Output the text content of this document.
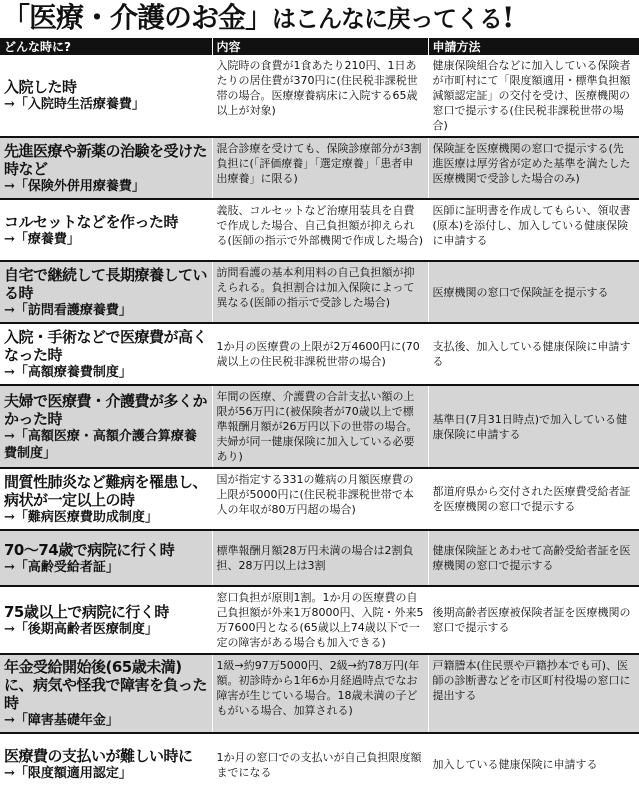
「医療・介護のお金」はこんなに戻ってくる!
どんな時に?	内容	申請方法

入院した時
→「入院時生活療養費」	入院時の食費が1食あたり210円、1日あたりの居住費が370円に(住民税非課税世帯の場合。医療療養病床に入院する65歳以上が対象)	健康保険組合などに加入している保険者が市町村にて「限度額適用・標準負担額減額認定証」の交付を受け、医療機関の窓口で提示する(住民税非課税世帯の場合)

先進医療や新薬の治験を受けた時など
→「保険外併用療養費」	混合診療を受けても、保険診療部分が3割負担に(「評価療養」「選定療養」「患者申出療養」に限る)	保険証を医療機関の窓口で提示する(先進医療は厚労省が定めた基準を満たした医療機関で受診した場合のみ)

コルセットなどを作った時
→「療養費」	義肢、コルセットなど治療用装具を自費で作成した場合、自己負担額が抑えられる(医師の指示で外部機関で作成した場合)	医師に証明書を作成してもらい、領収書(原本)を添付し、加入している健康保険に申請する

自宅で継続して長期療養している時
→「訪問看護療養費」	訪問看護の基本利用料の自己負担額が抑えられる。負担割合は加入保険によって異なる(医師の指示で受診した場合)	医療機関の窓口で保険証を提示する

入院・手術などで医療費が高くなった時
→「高額療養費制度」	1か月の医療費の上限が2万4600円に(70歳以上の住民税非課税世帯の場合)	支払後、加入している健康保険に申請する

夫婦で医療費・介護費が多くかかった時
→「高額医療・高額介護合算療養費制度」	年間の医療、介護費の合計支払い額の上限が56万円に(被保険者が70歳以上で標準報酬月額が26万円以下の世帯の場合。夫婦が同一健康保険に加入している必要あり)	基準日(7月31日時点)で加入している健康保険に申請する

間質性肺炎など難病を罹患し、病状が一定以上の時
→「難病医療費助成制度」	国が指定する331の難病の月額医療費の上限が5000円に(住民税非課税世帯で本人の年収が80万円超の場合)	都道府県から交付された医療費受給者証を医療機関の窓口で提示する

70〜74歳で病院に行く時
→「高齢受給者証」	標準報酬月額28万円未満の場合は2割負担、28万円以上は3割	健康保険証とあわせて高齢受給者証を医療機関の窓口で提示する

75歳以上で病院に行く時
→「後期高齢者医療制度」	窓口負担が原則1割。1か月の医療費の自己負担額が外来1万8000円、入院・外来5万7600円となる(65歳以上74歳以下で一定の障害がある場合も加入できる)	後期高齢者医療被保険者証を医療機関の窓口で提示する

年金受給開始後(65歳未満)に、病気や怪我で障害を負った時
→「障害基礎年金」	1級→約97万5000円、2級→約78万円(年額。初診時から1年6か月経過時点でなお障害が生じている場合。18歳未満の子どもがいる場合、加算される)	戸籍謄本(住民票や戸籍抄本でも可)、医師の診断書などを市区町村役場の窓口に提出する

医療費の支払いが難しい時に
→「限度額適用認定」	1か月の窓口での支払いが自己負担限度額までになる	加入している健康保険に申請する
